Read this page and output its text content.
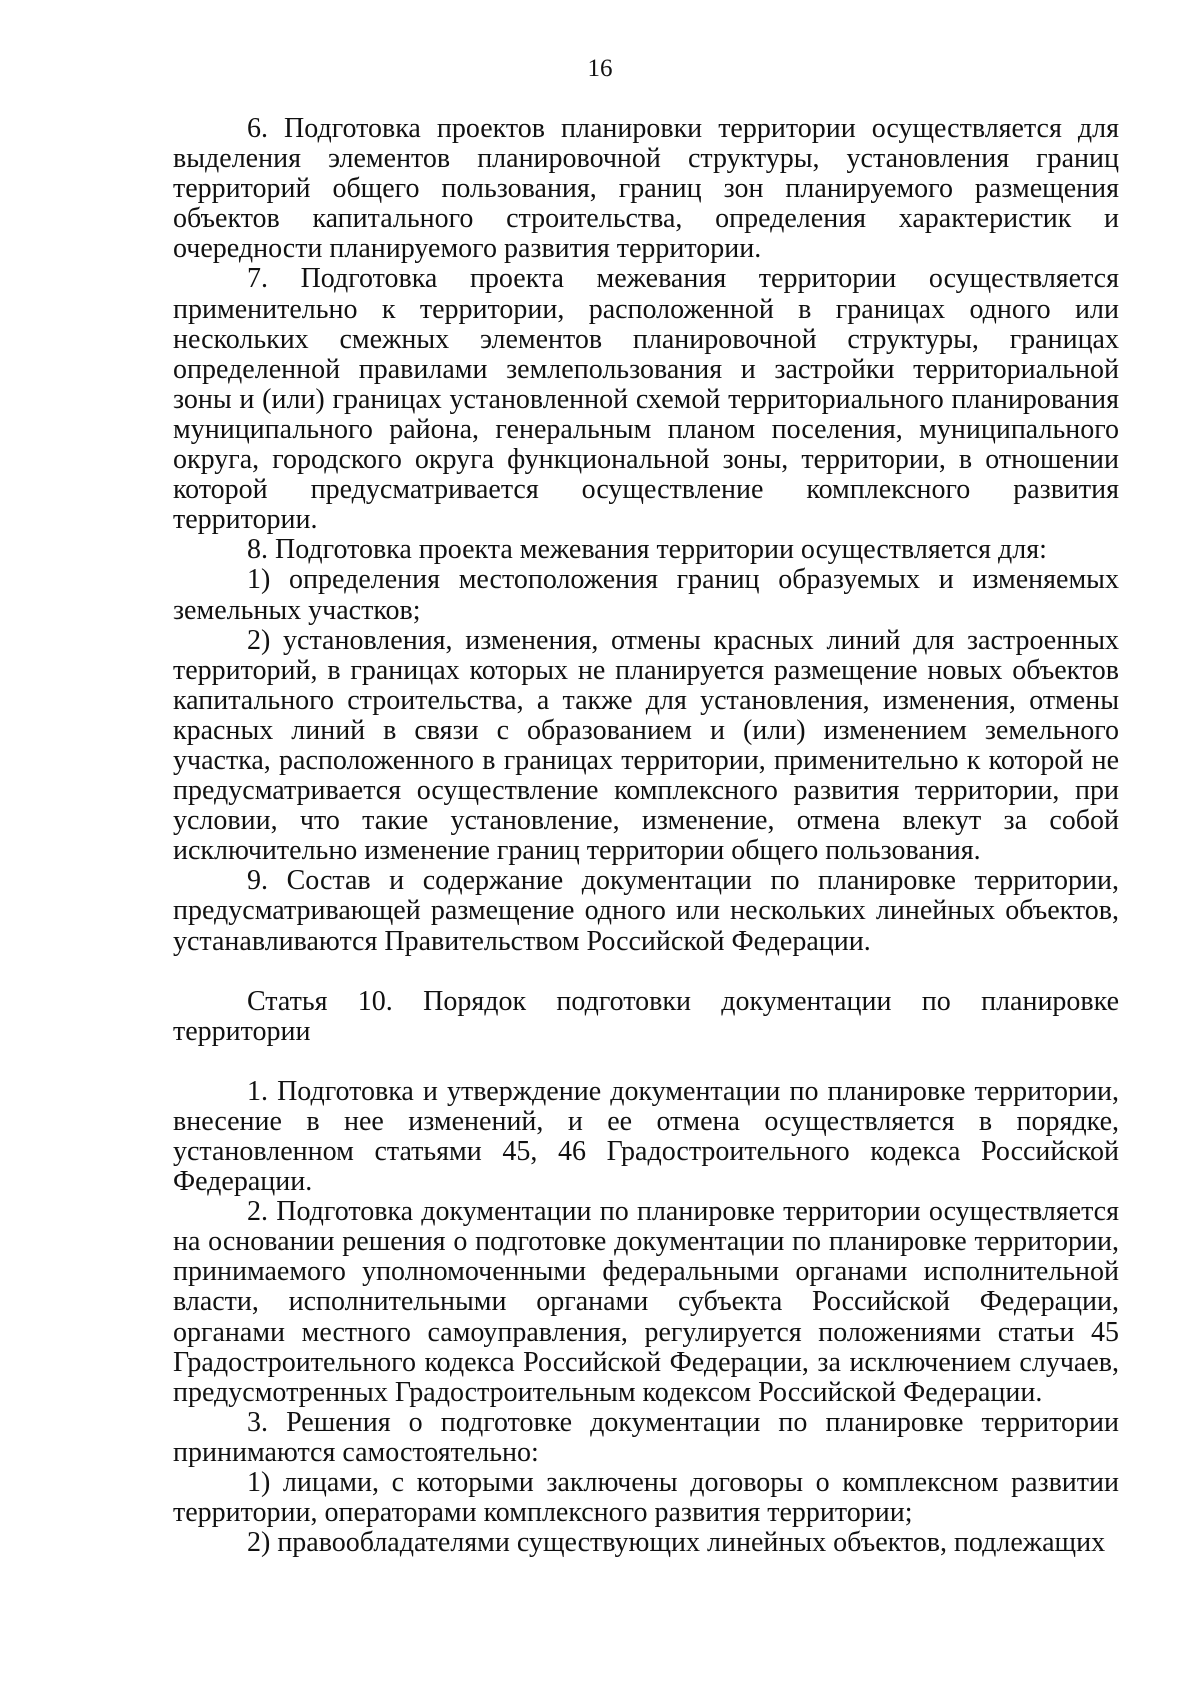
16

6. Подготовка проектов планировки территории осуществляется для выделения элементов планировочной структуры, установления границ территорий общего пользования, границ зон планируемого размещения объектов капитального строительства, определения характеристик и очередности планируемого развития территории.

7. Подготовка проекта межевания территории осуществляется применительно к территории, расположенной в границах одного или нескольких смежных элементов планировочной структуры, границах определенной правилами землепользования и застройки территориальной зоны и (или) границах установленной схемой территориального планирования муниципального района, генеральным планом поселения, муниципального округа, городского округа функциональной зоны, территории, в отношении которой предусматривается осуществление комплексного развития территории.

8. Подготовка проекта межевания территории осуществляется для:

1) определения местоположения границ образуемых и изменяемых земельных участков;

2) установления, изменения, отмены красных линий для застроенных территорий, в границах которых не планируется размещение новых объектов капитального строительства, а также для установления, изменения, отмены красных линий в связи с образованием и (или) изменением земельного участка, расположенного в границах территории, применительно к которой не предусматривается осуществление комплексного развития территории, при условии, что такие установление, изменение, отмена влекут за собой исключительно изменение границ территории общего пользования.

9. Состав и содержание документации по планировке территории, предусматривающей размещение одного или нескольких линейных объектов, устанавливаются Правительством Российской Федерации.

Статья 10. Порядок подготовки документации по планировке территории

1. Подготовка и утверждение документации по планировке территории, внесение в нее изменений, и ее отмена осуществляется в порядке, установленном статьями 45, 46 Градостроительного кодекса Российской Федерации.

2. Подготовка документации по планировке территории осуществляется на основании решения о подготовке документации по планировке территории, принимаемого уполномоченными федеральными органами исполнительной власти, исполнительными органами субъекта Российской Федерации, органами местного самоуправления, регулируется положениями статьи 45 Градостроительного кодекса Российской Федерации, за исключением случаев, предусмотренных Градостроительным кодексом Российской Федерации.

3. Решения о подготовке документации по планировке территории принимаются самостоятельно:

1) лицами, с которыми заключены договоры о комплексном развитии территории, операторами комплексного развития территории;

2) правообладателями существующих линейных объектов, подлежащих
